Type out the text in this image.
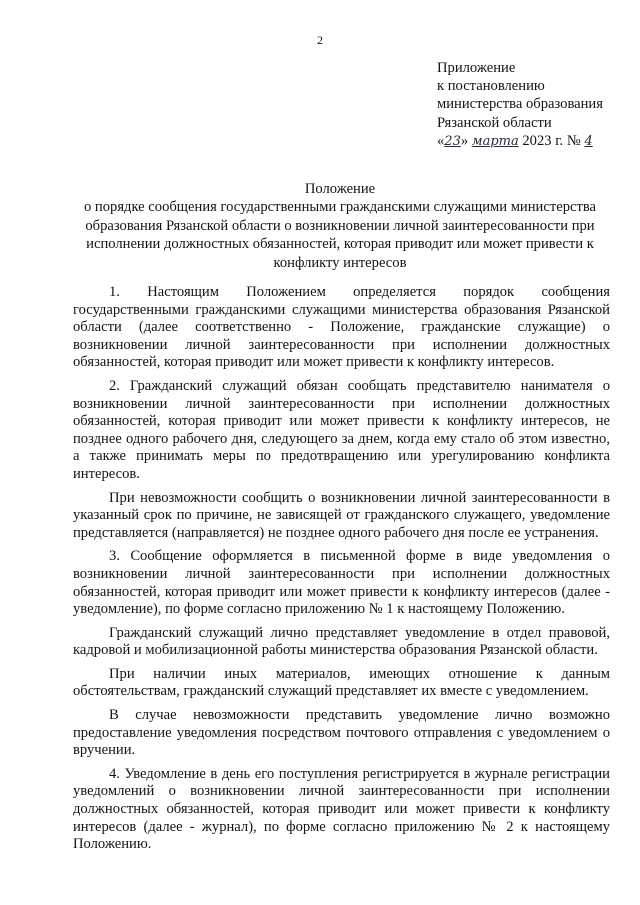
2
Приложение
к постановлению
министерства образования
Рязанской области
«23» марта 2023 г. № 4
Положение
о порядке сообщения государственными гражданскими служащими министерства образования Рязанской области о возникновении личной заинтересованности при исполнении должностных обязанностей, которая приводит или может привести к конфликту интересов

1. Настоящим Положением определяется порядок сообщения государственными гражданскими служащими министерства образования Рязанской области (далее соответственно - Положение, гражданские служащие) о возникновении личной заинтересованности при исполнении должностных обязанностей, которая приводит или может привести к конфликту интересов.

2. Гражданский служащий обязан сообщать представителю нанимателя о возникновении личной заинтересованности при исполнении должностных обязанностей, которая приводит или может привести к конфликту интересов, не позднее одного рабочего дня, следующего за днем, когда ему стало об этом известно, а также принимать меры по предотвращению или урегулированию конфликта интересов.

При невозможности сообщить о возникновении личной заинтересованности в указанный срок по причине, не зависящей от гражданского служащего, уведомление представляется (направляется) не позднее одного рабочего дня после ее устранения.

3. Сообщение оформляется в письменной форме в виде уведомления о возникновении личной заинтересованности при исполнении должностных обязанностей, которая приводит или может привести к конфликту интересов (далее - уведомление), по форме согласно приложению № 1 к настоящему Положению.

Гражданский служащий лично представляет уведомление в отдел правовой, кадровой и мобилизационной работы министерства образования Рязанской области.

При наличии иных материалов, имеющих отношение к данным обстоятельствам, гражданский служащий представляет их вместе с уведомлением.

В случае невозможности представить уведомление лично возможно предоставление уведомления посредством почтового отправления с уведомлением о вручении.

4. Уведомление в день его поступления регистрируется в журнале регистрации уведомлений о возникновении личной заинтересованности при исполнении должностных обязанностей, которая приводит или может привести к конфликту интересов (далее - журнал), по форме согласно приложению № 2 к настоящему Положению.
